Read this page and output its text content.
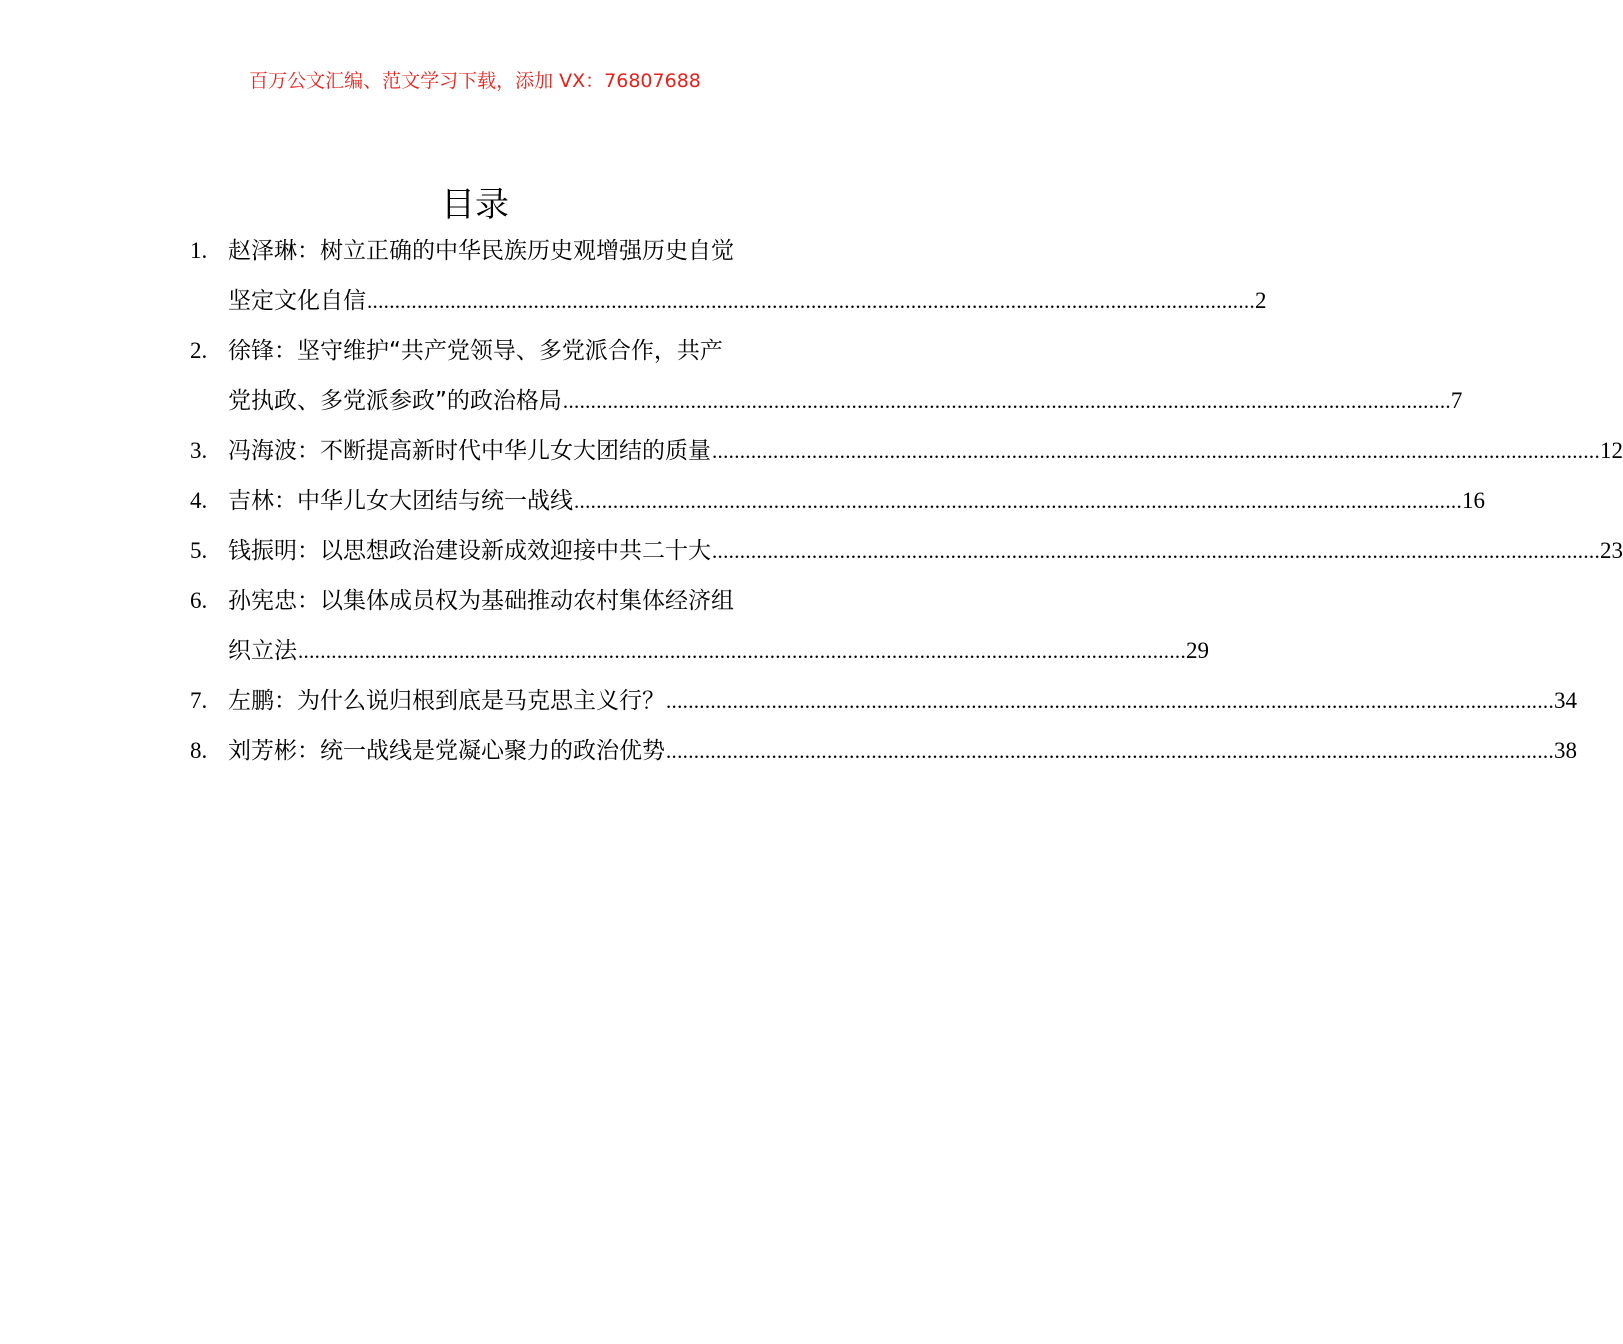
百万公文汇编、范文学习下载，添加 VX：76807688
目录
1. 赵泽琳：树立正确的中华民族历史观增强历史自觉
坚定文化自信 ................................................................................................................................................................ 2
2. 徐锋：坚守维护“共产党领导、多党派合作，共产
党执政、多党派参政”的政治格局 ................................................................................................................................................................ 7
3. 冯海波：不断提高新时代中华儿女大团结的质量 ................................................................................................................................................................ 12
4. 吉林：中华儿女大团结与统一战线 ................................................................................................................................................................ 16
5. 钱振明：以思想政治建设新成效迎接中共二十大 ................................................................................................................................................................ 23
6. 孙宪忠：以集体成员权为基础推动农村集体经济组
织立法 ................................................................................................................................................................ 29
7. 左鹏：为什么说归根到底是马克思主义行？ ................................................................................................................................................................ 34
8. 刘芳彬：统一战线是党凝心聚力的政治优势 ................................................................................................................................................................ 38
